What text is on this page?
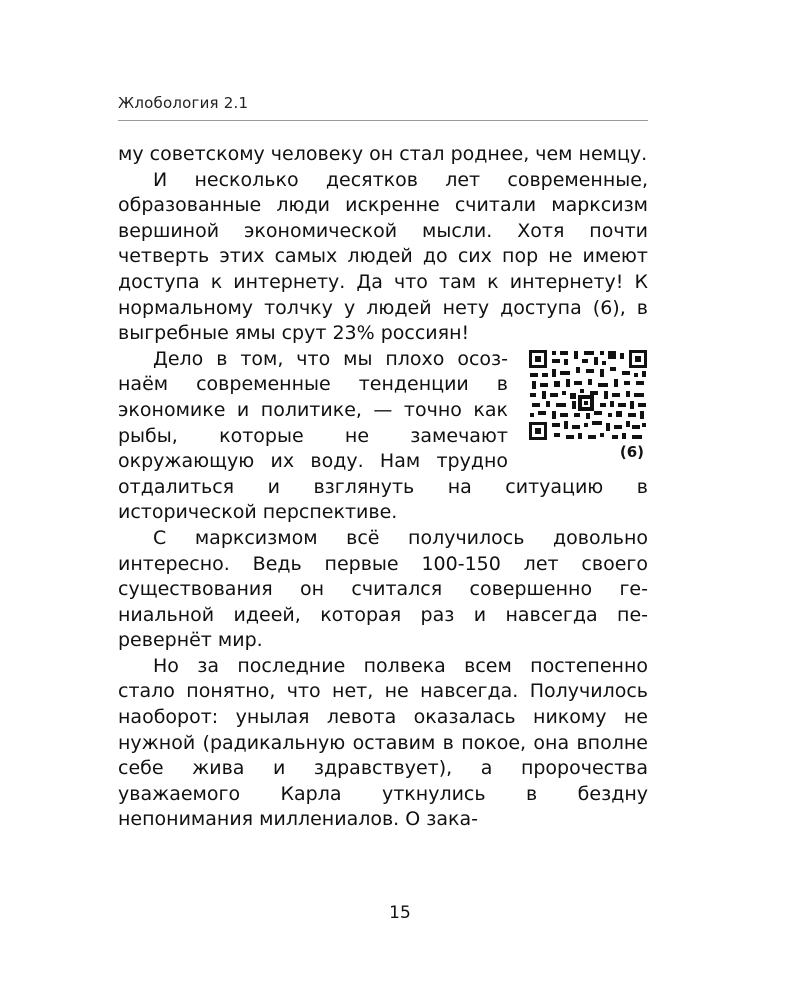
Жлобология 2.1

му советскому человеку он стал роднее, чем немцу.

И несколько десятков лет современные, образованные люди искренне считали марксизм вершиной экономической мысли. Хотя почти четверть этих самых людей до сих пор не имеют доступа к интернету. Да что там к интернету! К нормальному толчку у людей нету доступа (6), в выгребные ямы срут 23% россиян!

(6)
Дело в том, что мы плохо осознаём современные тенденции в экономике и политике, — точно как рыбы, которые не замечают окружающую их воду. Нам трудно отдалиться и взглянуть на ситуацию в исторической перспективе.

С марксизмом всё получилось довольно интересно. Ведь первые 100-150 лет своего существования он считался совершенно гениальной идеей, которая раз и навсегда перевернёт мир.

Но за последние полвека всем постепенно стало понятно, что нет, не навсегда. Получилось наоборот: унылая левота оказалась никому не нужной (радикальную оставим в покое, она вполне себе жива и здравствует), а пророчества уважаемого Карла уткнулись в бездну непонимания миллениалов. О зака-

15
